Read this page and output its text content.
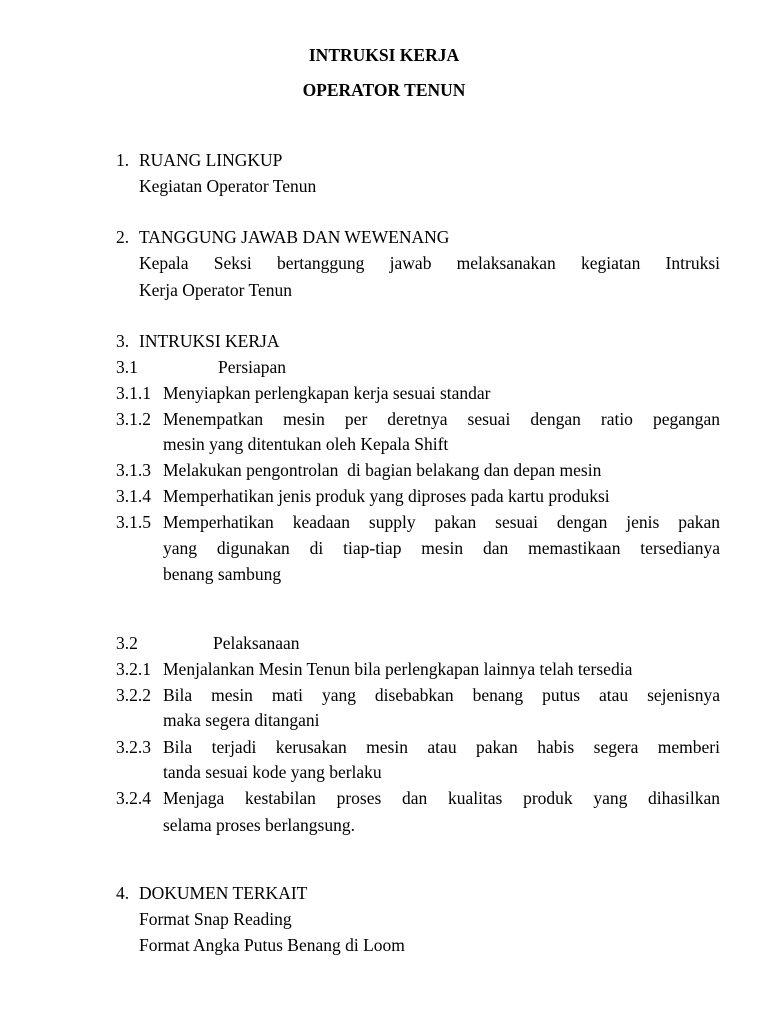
INTRUKSI KERJA
OPERATOR TENUN
1. RUANG LINGKUP
Kegiatan Operator Tenun
2. TANGGUNG JAWAB DAN WEWENANG
Kepala Seksi bertanggung jawab melaksanakan kegiatan Intruksi
Kerja Operator Tenun
3. INTRUKSI KERJA
3.1	Persiapan
3.1.1 Menyiapkan perlengkapan kerja sesuai standar
3.1.2 Menempatkan mesin per deretnya sesuai dengan ratio pegangan
mesin yang ditentukan oleh Kepala Shift
3.1.3 Melakukan pengontrolan  di bagian belakang dan depan mesin
3.1.4 Memperhatikan jenis produk yang diproses pada kartu produksi
3.1.5 Memperhatikan keadaan supply pakan sesuai dengan jenis pakan
yang digunakan di tiap-tiap mesin dan memastikaan tersedianya
benang sambung
3.2	Pelaksanaan
3.2.1 Menjalankan Mesin Tenun bila perlengkapan lainnya telah tersedia
3.2.2 Bila mesin mati yang disebabkan benang putus atau sejenisnya
maka segera ditangani
3.2.3 Bila terjadi kerusakan mesin atau pakan habis segera memberi
tanda sesuai kode yang berlaku
3.2.4 Menjaga kestabilan proses dan kualitas produk yang dihasilkan
selama proses berlangsung.
4. DOKUMEN TERKAIT
Format Snap Reading
Format Angka Putus Benang di Loom
